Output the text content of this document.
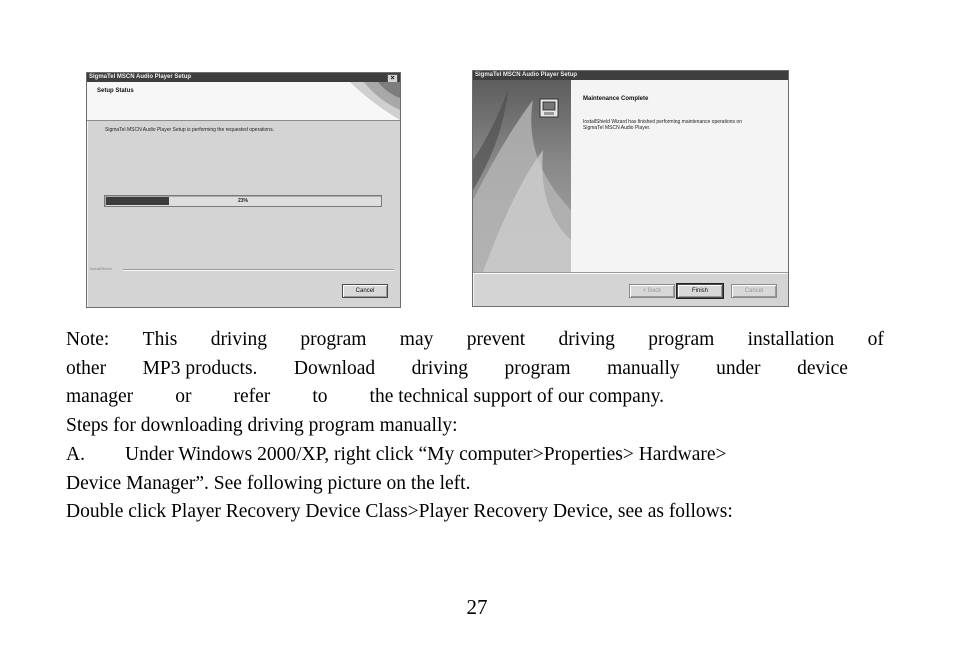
SigmaTel MSCN Audio Player Setup	×
Setup Status
SigmaTel MSCN Audio Player Setup is performing the requested operations.
23%
InstallShield
Cancel
SigmaTel MSCN Audio Player Setup
Maintenance Complete
InstallShield Wizard has finished performing maintenance operations on SigmaTel MSCN Audio Player.
< Back	Finish	Cancel
Note: This driving program may prevent driving program installation of
other MP3 products. Download driving program manually under device
manager or refer to the technical support of our company.
Steps for downloading driving program manually:
A. Under Windows 2000/XP, right click “My computer>Properties> Hardware>
Device Manager”. See following picture on the left.
Double click Player Recovery Device Class>Player Recovery Device, see as follows:
27
